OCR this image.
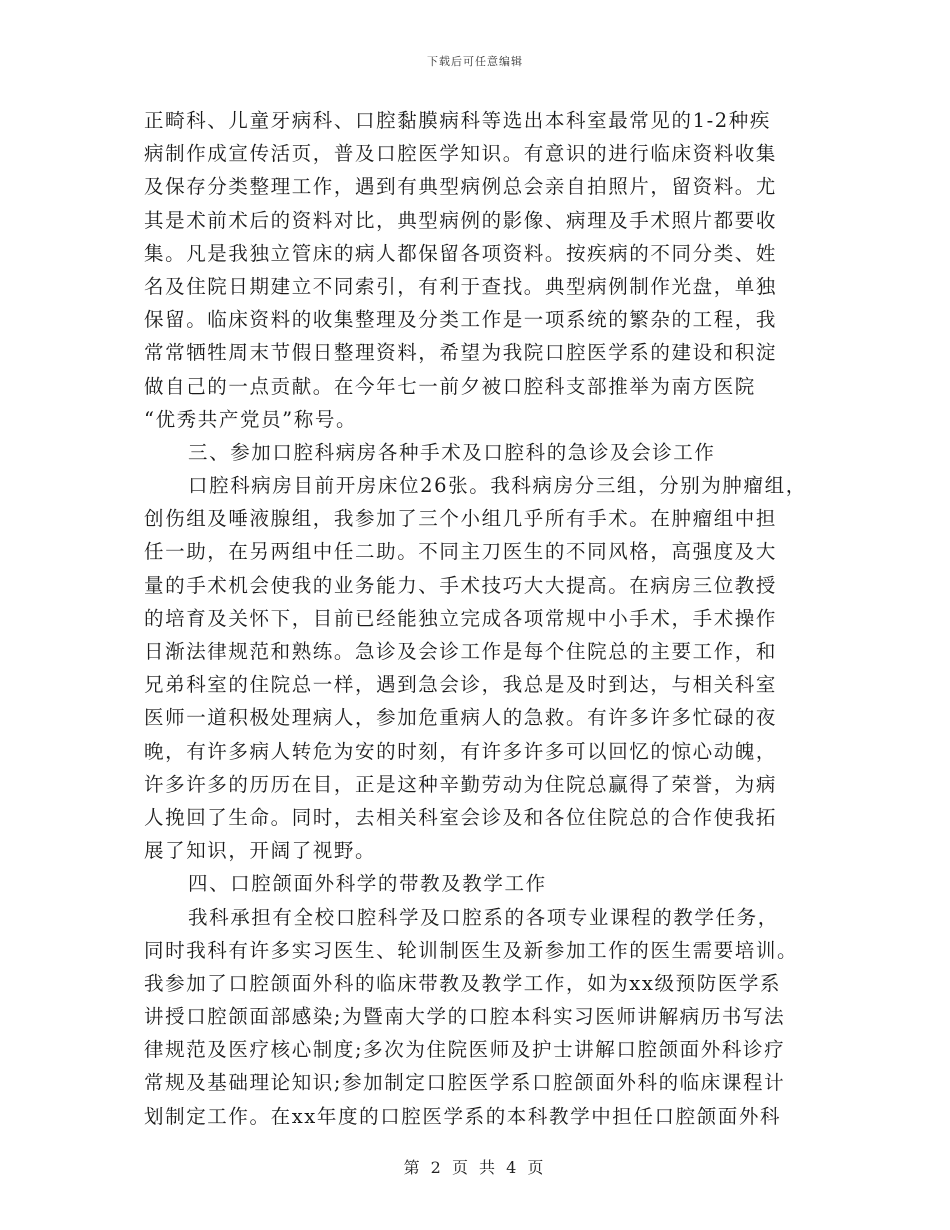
下载后可任意编辑
正畸科、儿童牙病科、口腔黏膜病科等选出本科室最常见的1-2种疾
病制作成宣传活页，普及口腔医学知识。有意识的进行临床资料收集
及保存分类整理工作，遇到有典型病例总会亲自拍照片，留资料。尤
其是术前术后的资料对比，典型病例的影像、病理及手术照片都要收
集。凡是我独立管床的病人都保留各项资料。按疾病的不同分类、姓
名及住院日期建立不同索引，有利于查找。典型病例制作光盘，单独
保留。临床资料的收集整理及分类工作是一项系统的繁杂的工程，我
常常牺牲周末节假日整理资料，希望为我院口腔医学系的建设和积淀
做自己的一点贡献。在今年七一前夕被口腔科支部推举为南方医院
“优秀共产党员”称号。
三、参加口腔科病房各种手术及口腔科的急诊及会诊工作
口腔科病房目前开房床位26张。我科病房分三组，分别为肿瘤组，
创伤组及唾液腺组，我参加了三个小组几乎所有手术。在肿瘤组中担
任一助，在另两组中任二助。不同主刀医生的不同风格，高强度及大
量的手术机会使我的业务能力、手术技巧大大提高。在病房三位教授
的培育及关怀下，目前已经能独立完成各项常规中小手术，手术操作
日渐法律规范和熟练。急诊及会诊工作是每个住院总的主要工作，和
兄弟科室的住院总一样，遇到急会诊，我总是及时到达，与相关科室
医师一道积极处理病人，参加危重病人的急救。有许多许多忙碌的夜
晚，有许多病人转危为安的时刻，有许多许多可以回忆的惊心动魄，
许多许多的历历在目，正是这种辛勤劳动为住院总赢得了荣誉，为病
人挽回了生命。同时，去相关科室会诊及和各位住院总的合作使我拓
展了知识，开阔了视野。
四、口腔颌面外科学的带教及教学工作
我科承担有全校口腔科学及口腔系的各项专业课程的教学任务，
同时我科有许多实习医生、轮训制医生及新参加工作的医生需要培训。
我参加了口腔颌面外科的临床带教及教学工作，如为xx级预防医学系
讲授口腔颌面部感染;为暨南大学的口腔本科实习医师讲解病历书写法
律规范及医疗核心制度;多次为住院医师及护士讲解口腔颌面外科诊疗
常规及基础理论知识;参加制定口腔医学系口腔颌面外科的临床课程计
划制定工作。在xx年度的口腔医学系的本科教学中担任口腔颌面外科
第 2 页 共 4 页
